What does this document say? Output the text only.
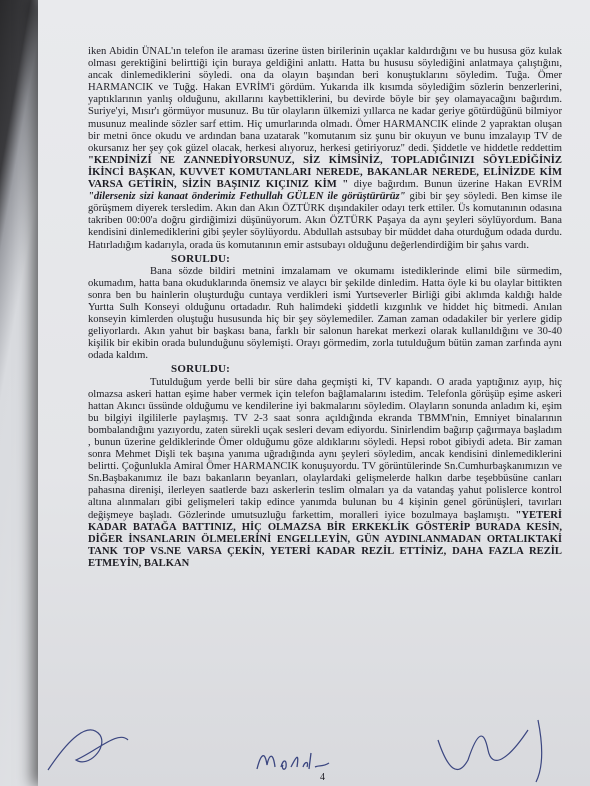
iken Abidin ÜNAL'ın telefon ile araması üzerine üsten birilerinin uçaklar kaldırdığını ve bu hususa göz kulak olması gerektiğini belirttiği için buraya geldiğini anlattı. Hatta bu hususu söylediğini anlatmaya çalıştığını, ancak dinlemediklerini söyledi. ona da olayın başından beri konuştuklarını söyledim. Tuğa. Ömer HARMANCIK ve Tuğg. Hakan EVRİM'i gördüm. Yukarıda ilk kısımda söylediğim sözlerin benzerlerini, yaptıklarının yanlış olduğunu, akıllarını kaybettiklerini, bu devirde böyle bir şey olamayacağını bağırdım. Suriye'yi, Mısır'ı görmüyor musunuz. Bu tür olayların ülkemizi yıllarca ne kadar geriye götürdüğünü bilmiyor musunuz mealinde sözler sarf ettim. Hiç umurlarında olmadı. Ömer HARMANCIK elinde 2 yapraktan oluşan bir metni önce okudu ve ardından bana uzatarak "komutanım siz şunu bir okuyun ve bunu imzalayıp TV de okursanız her şey çok güzel olacak, herkesi alıyoruz, herkesi getiriyoruz" dedi. Şiddetle ve hiddetle reddettim "KENDİNİZİ NE ZANNEDİYORSUNUZ, SİZ KİMSİNİZ, TOPLADIĞINIZI SÖYLEDİĞİNİZ İKİNCİ BAŞKAN, KUVVET KOMUTANLARI NEREDE, BAKANLAR NEREDE, ELİNİZDE KİM VARSA GETİRİN, SİZİN BAŞINIZ KIÇINIZ KİM " diye bağırdım. Bunun üzerine Hakan EVRİM "dilerseniz sizi kanaat önderimiz Fethullah GÜLEN ile görüştürürüz" gibi bir şey söyledi. Ben kimse ile görüşmem diyerek tersledim. Akın dan Akın ÖZTÜRK dışındakiler odayı terk ettiler. Üs komutanının odasına takriben 00:00'a doğru girdiğimizi düşünüyorum. Akın ÖZTÜRK Paşaya da aynı şeyleri söylüyordum. Bana kendisini dinlemediklerini gibi şeyler söylüyordu. Abdullah astsubay bir müddet daha oturduğum odada durdu. Hatırladığım kadarıyla, orada üs komutanının emir astsubayı olduğunu değerlendirdiğim bir şahıs vardı.

SORULDU:

Bana sözde bildiri metnini imzalamam ve okumamı istediklerinde elimi bile sürmedim, okumadım, hatta bana okuduklarında önemsiz ve alaycı bir şekilde dinledim. Hatta öyle ki bu olaylar bittikten sonra ben bu hainlerin oluşturduğu cuntaya verdikleri ismi Yurtseverler Birliği gibi aklımda kaldığı halde Yurtta Sulh Konseyi olduğunu ortadadır. Ruh halimdeki şiddetli kızgınlık ve hiddet hiç bitmedi. Anılan konseyin kimlerden oluştuğu hususunda hiç bir şey söylemediler. Zaman zaman odadakiler bir yerlere gidip geliyorlardı. Akın yahut bir başkası bana, farklı bir salonun harekat merkezi olarak kullanıldığını ve 30-40 kişilik bir ekibin orada bulunduğunu söylemişti. Orayı görmedim, zorla tutulduğum bütün zaman zarfında aynı odada kaldım.

SORULDU:

Tutulduğum yerde belli bir süre daha geçmişti ki, TV kapandı. O arada yaptığınız ayıp, hiç olmazsa askeri hattan eşime haber vermek için telefon bağlamalarını istedim. Telefonla görüşüp eşime askeri hattan Akıncı üssünde olduğumu ve kendilerine iyi bakmalarını söyledim. Olayların sonunda anladım ki, eşim bu bilgiyi ilgililerle paylaşmış. TV 2-3 saat sonra açıldığında ekranda TBMM'nin, Emniyet binalarının bombalandığını yazıyordu, zaten sürekli uçak sesleri devam ediyordu. Sinirlendim bağırıp çağırmaya başladım , bunun üzerine geldiklerinde Ömer olduğumu göze aldıklarını söyledi. Hepsi robot gibiydi adeta. Bir zaman sonra Mehmet Dişli tek başına yanıma uğradığında aynı şeyleri söyledim, ancak kendisini dinlemediklerini belirtti. Çoğunlukla Amiral Ömer HARMANCIK konuşuyordu. TV görüntülerinde Sn.Cumhurbaşkanımızın ve Sn.Başbakanımız ile bazı bakanların beyanları, olaylardaki gelişmelerde halkın darbe teşebbüsüne canları pahasına direnişi, ilerleyen saatlerde bazı askerlerin teslim olmaları ya da vatandaş yahut polislerce kontrol altına alınmaları gibi gelişmeleri takip edince yanımda bulunan bu 4 kişinin genel görünüşleri, tavırları değişmeye başladı. Gözlerinde umutsuzluğu farkettim, moralleri iyice bozulmaya başlamıştı. "YETERİ KADAR BATAĞA BATTINIZ, HİÇ OLMAZSA BİR ERKEKLİK GÖSTERİP BURADA KESİN, DİĞER İNSANLARIN ÖLMELERİNİ ENGELLEYİN, GÜN AYDINLANMADAN ORTALIKTAKİ TANK TOP VS.NE VARSA ÇEKİN, YETERİ KADAR REZİL ETTİNİZ, DAHA FAZLA REZİL ETMEYİN, BALKAN

4
